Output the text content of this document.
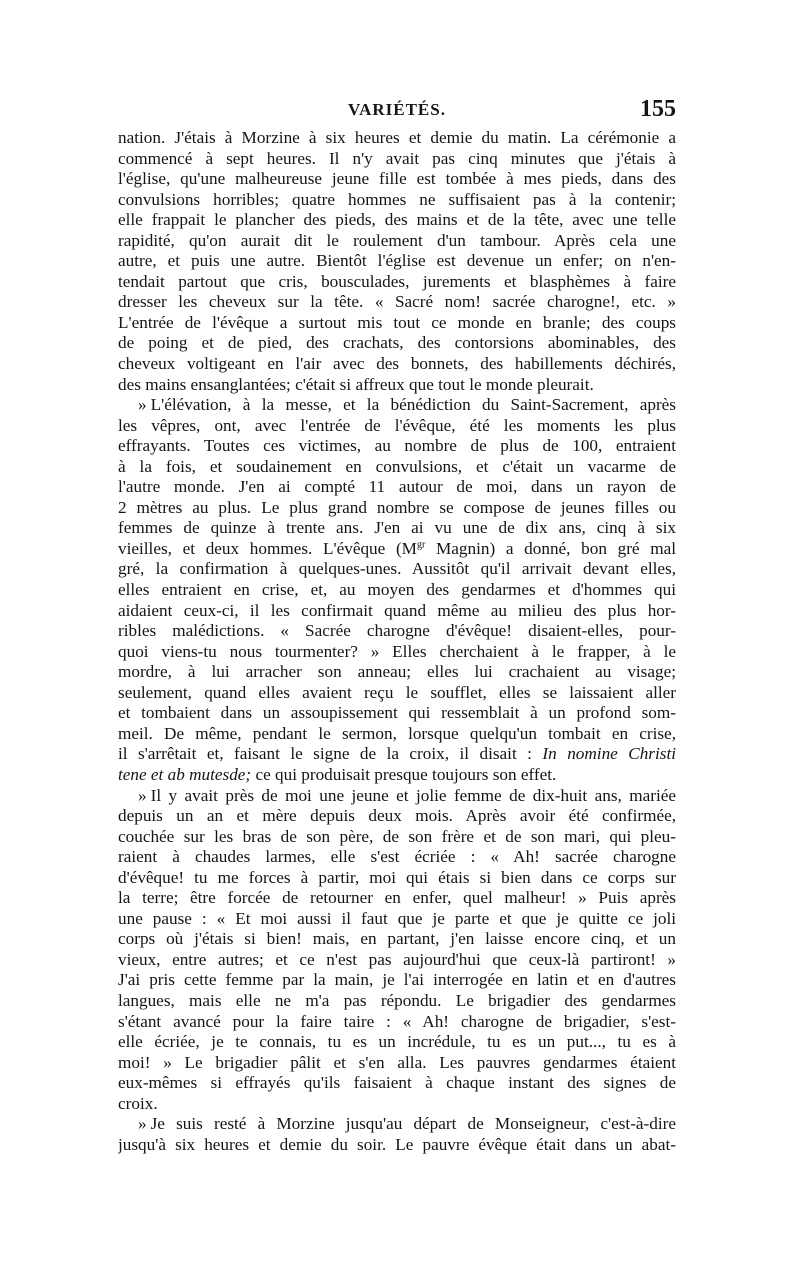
VARIÉTÉS.	155
nation. J'étais à Morzine à six heures et demie du matin. La cérémonie a
commencé à sept heures. Il n'y avait pas cinq minutes que j'étais à
l'église, qu'une malheureuse jeune fille est tombée à mes pieds, dans des
convulsions horribles; quatre hommes ne suffisaient pas à la contenir;
elle frappait le plancher des pieds, des mains et de la tête, avec une telle
rapidité, qu'on aurait dit le roulement d'un tambour. Après cela une
autre, et puis une autre. Bientôt l'église est devenue un enfer; on n'en-
tendait partout que cris, bousculades, jurements et blasphèmes à faire
dresser les cheveux sur la tête. « Sacré nom! sacrée charogne!, etc. »
L'entrée de l'évêque a surtout mis tout ce monde en branle; des coups
de poing et de pied, des crachats, des contorsions abominables, des
cheveux voltigeant en l'air avec des bonnets, des habillements déchirés,
des mains ensanglantées; c'était si affreux que tout le monde pleurait.
» L'élévation, à la messe, et la bénédiction du Saint-Sacrement, après
les vêpres, ont, avec l'entrée de l'évêque, été les moments les plus
effrayants. Toutes ces victimes, au nombre de plus de 100, entraient
à la fois, et soudainement en convulsions, et c'était un vacarme de
l'autre monde. J'en ai compté 11 autour de moi, dans un rayon de
2 mètres au plus. Le plus grand nombre se compose de jeunes filles ou
femmes de quinze à trente ans. J'en ai vu une de dix ans, cinq à six
vieilles, et deux hommes. L'évêque ($M^{gr}$ Magnin) a donné, bon gré mal
gré, la confirmation à quelques-unes. Aussitôt qu'il arrivait devant elles,
elles entraient en crise, et, au moyen des gendarmes et d'hommes qui
aidaient ceux-ci, il les confirmait quand même au milieu des plus hor-
ribles malédictions. « Sacrée charogne d'évêque! disaient-elles, pour-
quoi viens-tu nous tourmenter? » Elles cherchaient à le frapper, à le
mordre, à lui arracher son anneau; elles lui crachaient au visage;
seulement, quand elles avaient reçu le soufflet, elles se laissaient aller
et tombaient dans un assoupissement qui ressemblait à un profond som-
meil. De même, pendant le sermon, lorsque quelqu'un tombait en crise,
il s'arrêtait et, faisant le signe de la croix, il disait : In nomine Christi
tene et ab mutesde; ce qui produisait presque toujours son effet.
» Il y avait près de moi une jeune et jolie femme de dix-huit ans, mariée
depuis un an et mère depuis deux mois. Après avoir été confirmée,
couchée sur les bras de son père, de son frère et de son mari, qui pleu-
raient à chaudes larmes, elle s'est écriée : « Ah! sacrée charogne
d'évêque! tu me forces à partir, moi qui étais si bien dans ce corps sur
la terre; être forcée de retourner en enfer, quel malheur! » Puis après
une pause : « Et moi aussi il faut que je parte et que je quitte ce joli
corps où j'étais si bien! mais, en partant, j'en laisse encore cinq, et un
vieux, entre autres; et ce n'est pas aujourd'hui que ceux-là partiront! »
J'ai pris cette femme par la main, je l'ai interrogée en latin et en d'autres
langues, mais elle ne m'a pas répondu. Le brigadier des gendarmes
s'étant avancé pour la faire taire : « Ah! charogne de brigadier, s'est-
elle écriée, je te connais, tu es un incrédule, tu es un put..., tu es à
moi! » Le brigadier pâlit et s'en alla. Les pauvres gendarmes étaient
eux-mêmes si effrayés qu'ils faisaient à chaque instant des signes de
croix.
» Je suis resté à Morzine jusqu'au départ de Monseigneur, c'est-à-dire
jusqu'à six heures et demie du soir. Le pauvre évêque était dans un abat-
